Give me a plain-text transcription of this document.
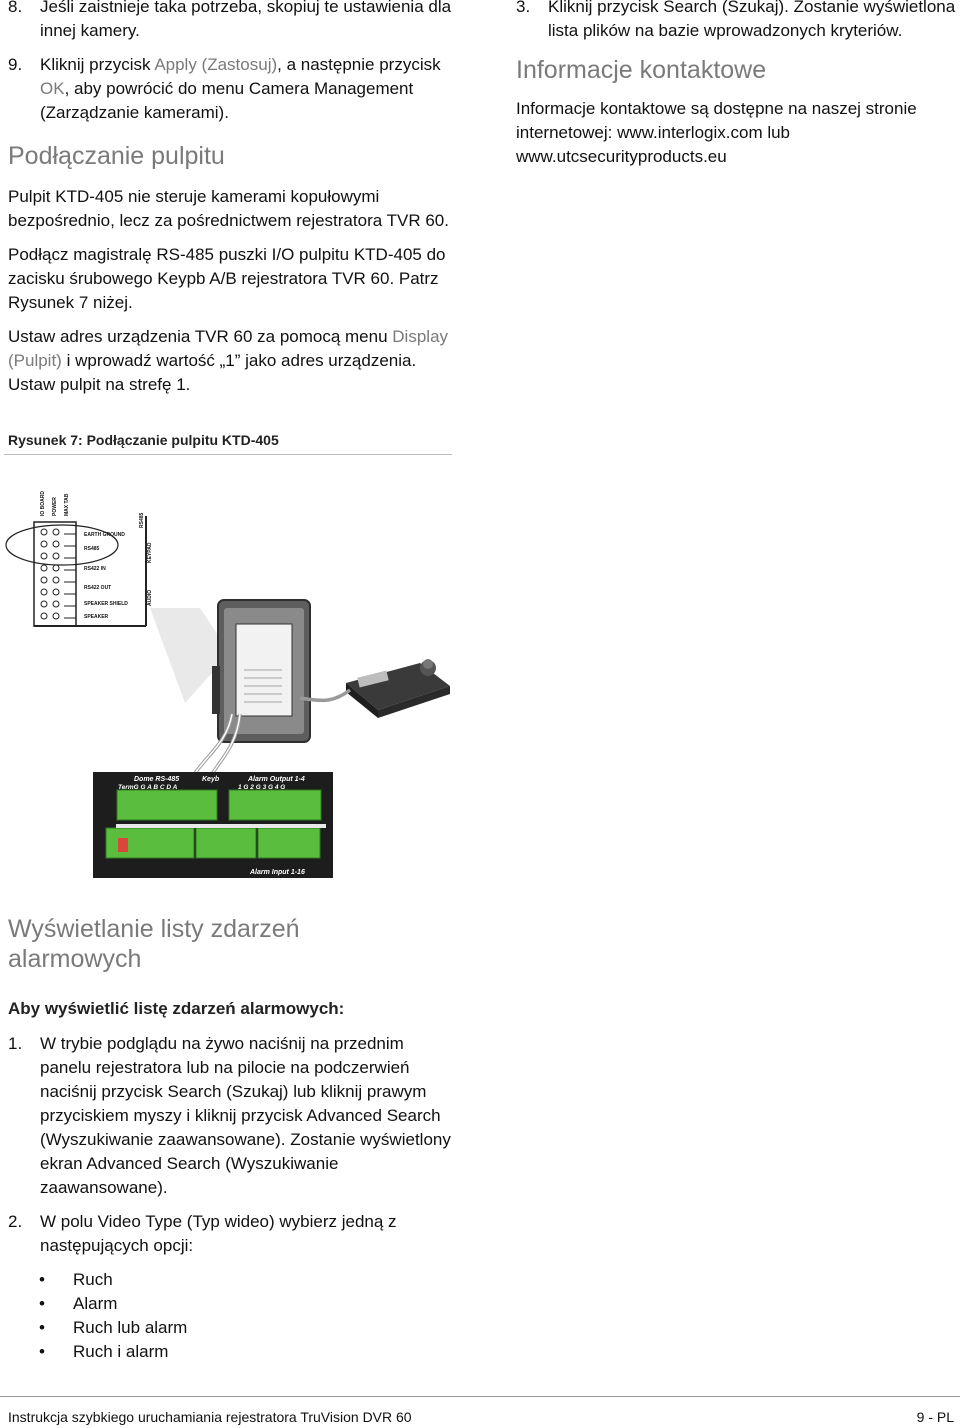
8. Jeśli zaistnieje taka potrzeba, skopiuj te ustawienia dla innej kamery.
9. Kliknij przycisk Apply (Zastosuj), a następnie przycisk OK, aby powrócić do menu Camera Management (Zarządzanie kamerami).
Podłączanie pulpitu

Pulpit KTD-405 nie steruje kamerami kopułowymi bezpośrednio, lecz za pośrednictwem rejestratora TVR 60.

Podłącz magistralę RS-485 puszki I/O pulpitu KTD-405 do zacisku śrubowego Keypb A/B rejestratora TVR 60. Patrz Rysunek 7 niżej.

Ustaw adres urządzenia TVR 60 za pomocą menu Display (Pulpit) i wprowadź wartość „1” jako adres urządzenia. Ustaw pulpit na strefę 1.

Rysunek 7: Podłączanie pulpitu KTD-405
EARTH GROUND
RS485
RS422 IN
RS422 OUT
SPEAKER SHIELD
SPEAKER
RS485
KEYPAD
AUDIO
IO BOARD POWER MAX TAB
Dome RS-485	Keyb
TermG G A B C D A
Alarm Output 1-4
1 G 2 G 3 G 4 G
Alarm Input 1-16
Wyświetlanie listy zdarzeń alarmowych
Aby wyświetlić listę zdarzeń alarmowych:
1. W trybie podglądu na żywo naciśnij na przednim panelu rejestratora lub na pilocie na podczerwień naciśnij przycisk Search (Szukaj) lub kliknij prawym przyciskiem myszy i kliknij przycisk Advanced Search (Wyszukiwanie zaawansowane). Zostanie wyświetlony ekran Advanced Search (Wyszukiwanie zaawansowane).
2. W polu Video Type (Typ wideo) wybierz jedną z następujących opcji:
• Ruch
• Alarm
• Ruch lub alarm
• Ruch i alarm
3. Kliknij przycisk Search (Szukaj). Zostanie wyświetlona lista plików na bazie wprowadzonych kryteriów.
Informacje kontaktowe

Informacje kontaktowe są dostępne na naszej stronie internetowej: www.interlogix.com lub www.utcsecurityproducts.eu

Instrukcja szybkiego uruchamiania rejestratora TruVision DVR 60	9 - PL
